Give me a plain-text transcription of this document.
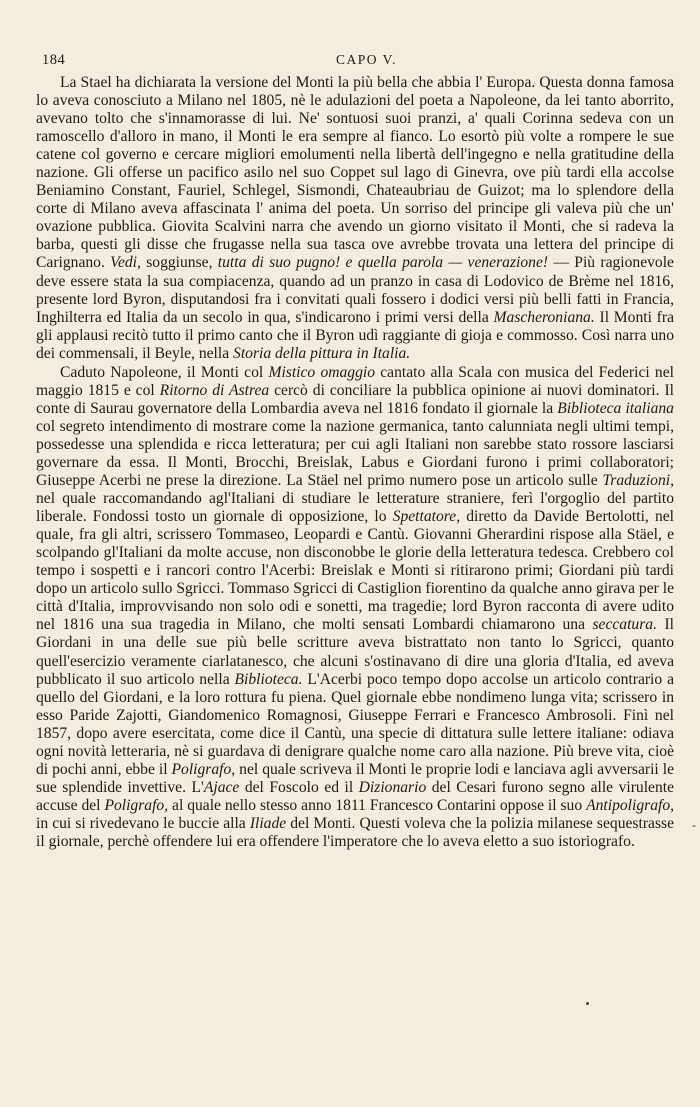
184	CAPO V.

La Stael ha dichiarata la versione del Monti la più bella che abbia l' Europa. Questa donna famosa lo aveva conosciuto a Milano nel 1805, nè le adulazioni del poeta a Napoleone, da lei tanto aborrito, avevano tolto che s'innamorasse di lui. Ne' sontuosi suoi pranzi, a' quali Corinna sedeva con un ramoscello d'alloro in mano, il Monti le era sempre al fianco. Lo esortò più volte a rompere le sue catene col governo e cercare migliori emolumenti nella libertà dell'ingegno e nella gratitudine della nazione. Gli offerse un pacifico asilo nel suo Coppet sul lago di Ginevra, ove più tardi ella accolse Beniamino Constant, Fauriel, Schlegel, Sismondi, Chateaubriau de Guizot; ma lo splendore della corte di Milano aveva affascinata l' anima del poeta. Un sorriso del principe gli valeva più che un' ovazione pubblica. Giovita Scalvini narra che avendo un giorno visitato il Monti, che si radeva la barba, questi gli disse che frugasse nella sua tasca ove avrebbe trovata una lettera del principe di Carignano. Vedi, soggiunse, tutta di suo pugno! e quella parola — venerazione! — Più ragionevole deve essere stata la sua compiacenza, quando ad un pranzo in casa di Lodovico de Brème nel 1816, presente lord Byron, disputandosi fra i convitati quali fossero i dodici versi più belli fatti in Francia, Inghilterra ed Italia da un secolo in qua, s'indicarono i primi versi della Mascheroniana. Il Monti fra gli applausi recitò tutto il primo canto che il Byron udì raggiante di gioja e commosso. Così narra uno dei commensali, il Beyle, nella Storia della pittura in Italia.

Caduto Napoleone, il Monti col Mistico omaggio cantato alla Scala con musica del Federici nel maggio 1815 e col Ritorno di Astrea cercò di conciliare la pubblica opinione ai nuovi dominatori. Il conte di Saurau governatore della Lombardia aveva nel 1816 fondato il giornale la Biblioteca italiana col segreto intendimento di mostrare come la nazione germanica, tanto calunniata negli ultimi tempi, possedesse una splendida e ricca letteratura; per cui agli Italiani non sarebbe stato rossore lasciarsi governare da essa. Il Monti, Brocchi, Breislak, Labus e Giordani furono i primi collaboratori; Giuseppe Acerbi ne prese la direzione. La Stäel nel primo numero pose un articolo sulle Traduzioni, nel quale raccomandando agl'Italiani di studiare le letterature straniere, ferì l'orgoglio del partito liberale. Fondossi tosto un giornale di opposizione, lo Spettatore, diretto da Davide Bertolotti, nel quale, fra gli altri, scrissero Tommaseo, Leopardi e Cantù. Giovanni Gherardini rispose alla Stäel, e scolpando gl'Italiani da molte accuse, non disconobbe le glorie della letteratura tedesca. Crebbero col tempo i sospetti e i rancori contro l'Acerbi: Breislak e Monti si ritirarono primi; Giordani più tardi dopo un articolo sullo Sgricci. Tommaso Sgricci di Castiglion fiorentino da qualche anno girava per le città d'Italia, improvvisando non solo odi e sonetti, ma tragedie; lord Byron racconta di avere udito nel 1816 una sua tragedia in Milano, che molti sensati Lombardi chiamarono una seccatura. Il Giordani in una delle sue più belle scritture aveva bistrattato non tanto lo Sgricci, quanto quell'esercizio veramente ciarlatanesco, che alcuni s'ostinavano di dire una gloria d'Italia, ed aveva pubblicato il suo articolo nella Biblioteca. L'Acerbi poco tempo dopo accolse un articolo contrario a quello del Giordani, e la loro rottura fu piena. Quel giornale ebbe nondimeno lunga vita; scrissero in esso Paride Zajotti, Giandomenico Romagnosi, Giuseppe Ferrari e Francesco Ambrosoli. Finì nel 1857, dopo avere esercitata, come dice il Cantù, una specie di dittatura sulle lettere italiane: odiava ogni novità letteraria, nè si guardava di denigrare qualche nome caro alla nazione. Più breve vita, cioè di pochi anni, ebbe il Poligrafo, nel quale scriveva il Monti le proprie lodi e lanciava agli avversarii le sue splendide invettive. L'Ajace del Foscolo ed il Dizionario del Cesari furono segno alle virulente accuse del Poligrafo, al quale nello stesso anno 1811 Francesco Contarini oppose il suo Antipoligrafo, in cui si rivedevano le buccie alla Iliade del Monti. Questi voleva che la polizia milanese sequestrasse il giornale, perchè offendere lui era offendere l'imperatore che lo aveva eletto a suo istoriografo.

-
